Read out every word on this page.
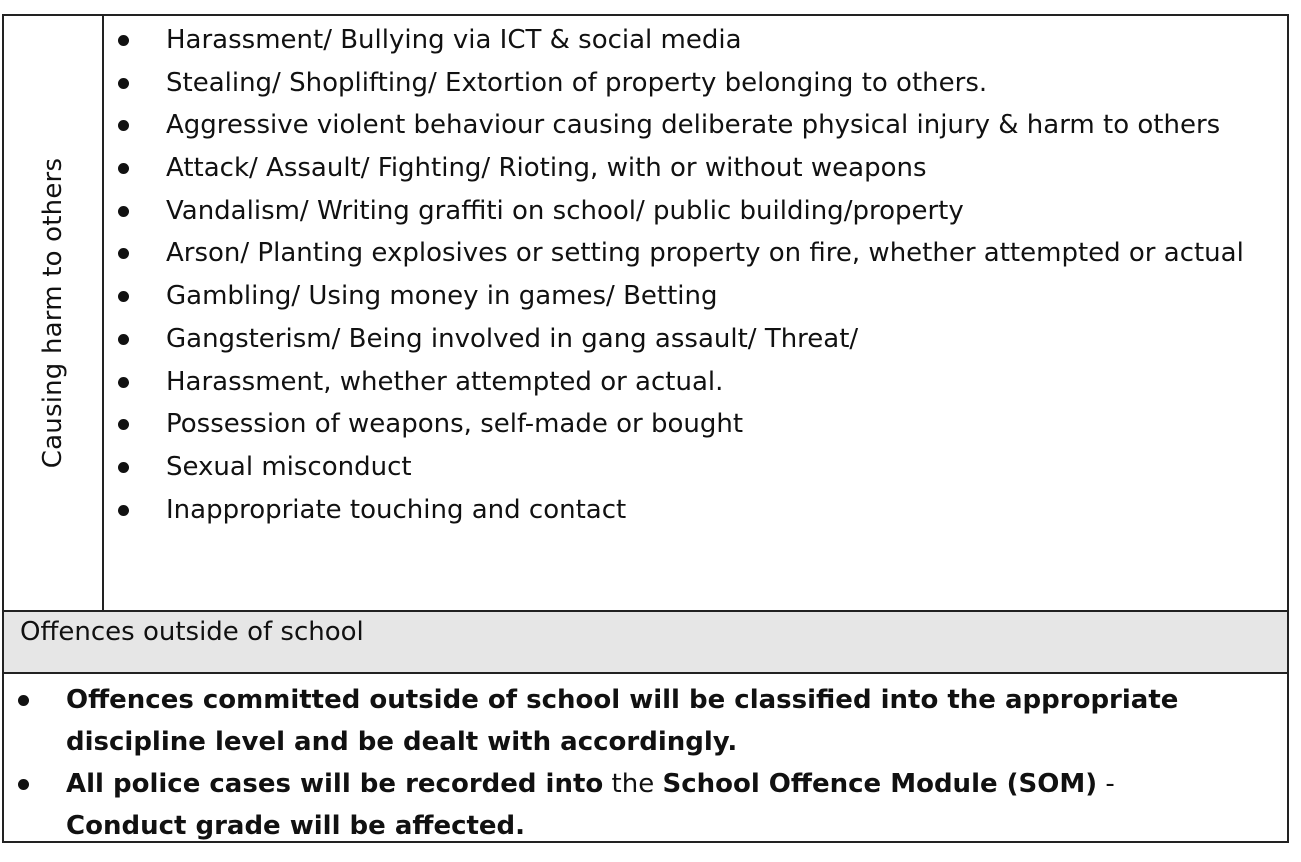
Causing harm to others
Harassment/ Bullying via ICT & social media
Stealing/ Shoplifting/ Extortion of property belonging to others.
Aggressive violent behaviour causing deliberate physical injury & harm to others
Attack/ Assault/ Fighting/ Rioting, with or without weapons
Vandalism/ Writing graffiti on school/ public building/property
Arson/ Planting explosives or setting property on fire, whether attempted or actual
Gambling/ Using money in games/ Betting
Gangsterism/ Being involved in gang assault/ Threat/
Harassment, whether attempted or actual.
Possession of weapons, self-made or bought
Sexual misconduct
Inappropriate touching and contact
Offences outside of school
Offences committed outside of school will be classified into the appropriate discipline level and be dealt with accordingly.
All police cases will be recorded into the School Offence Module (SOM) - Conduct grade will be affected.
